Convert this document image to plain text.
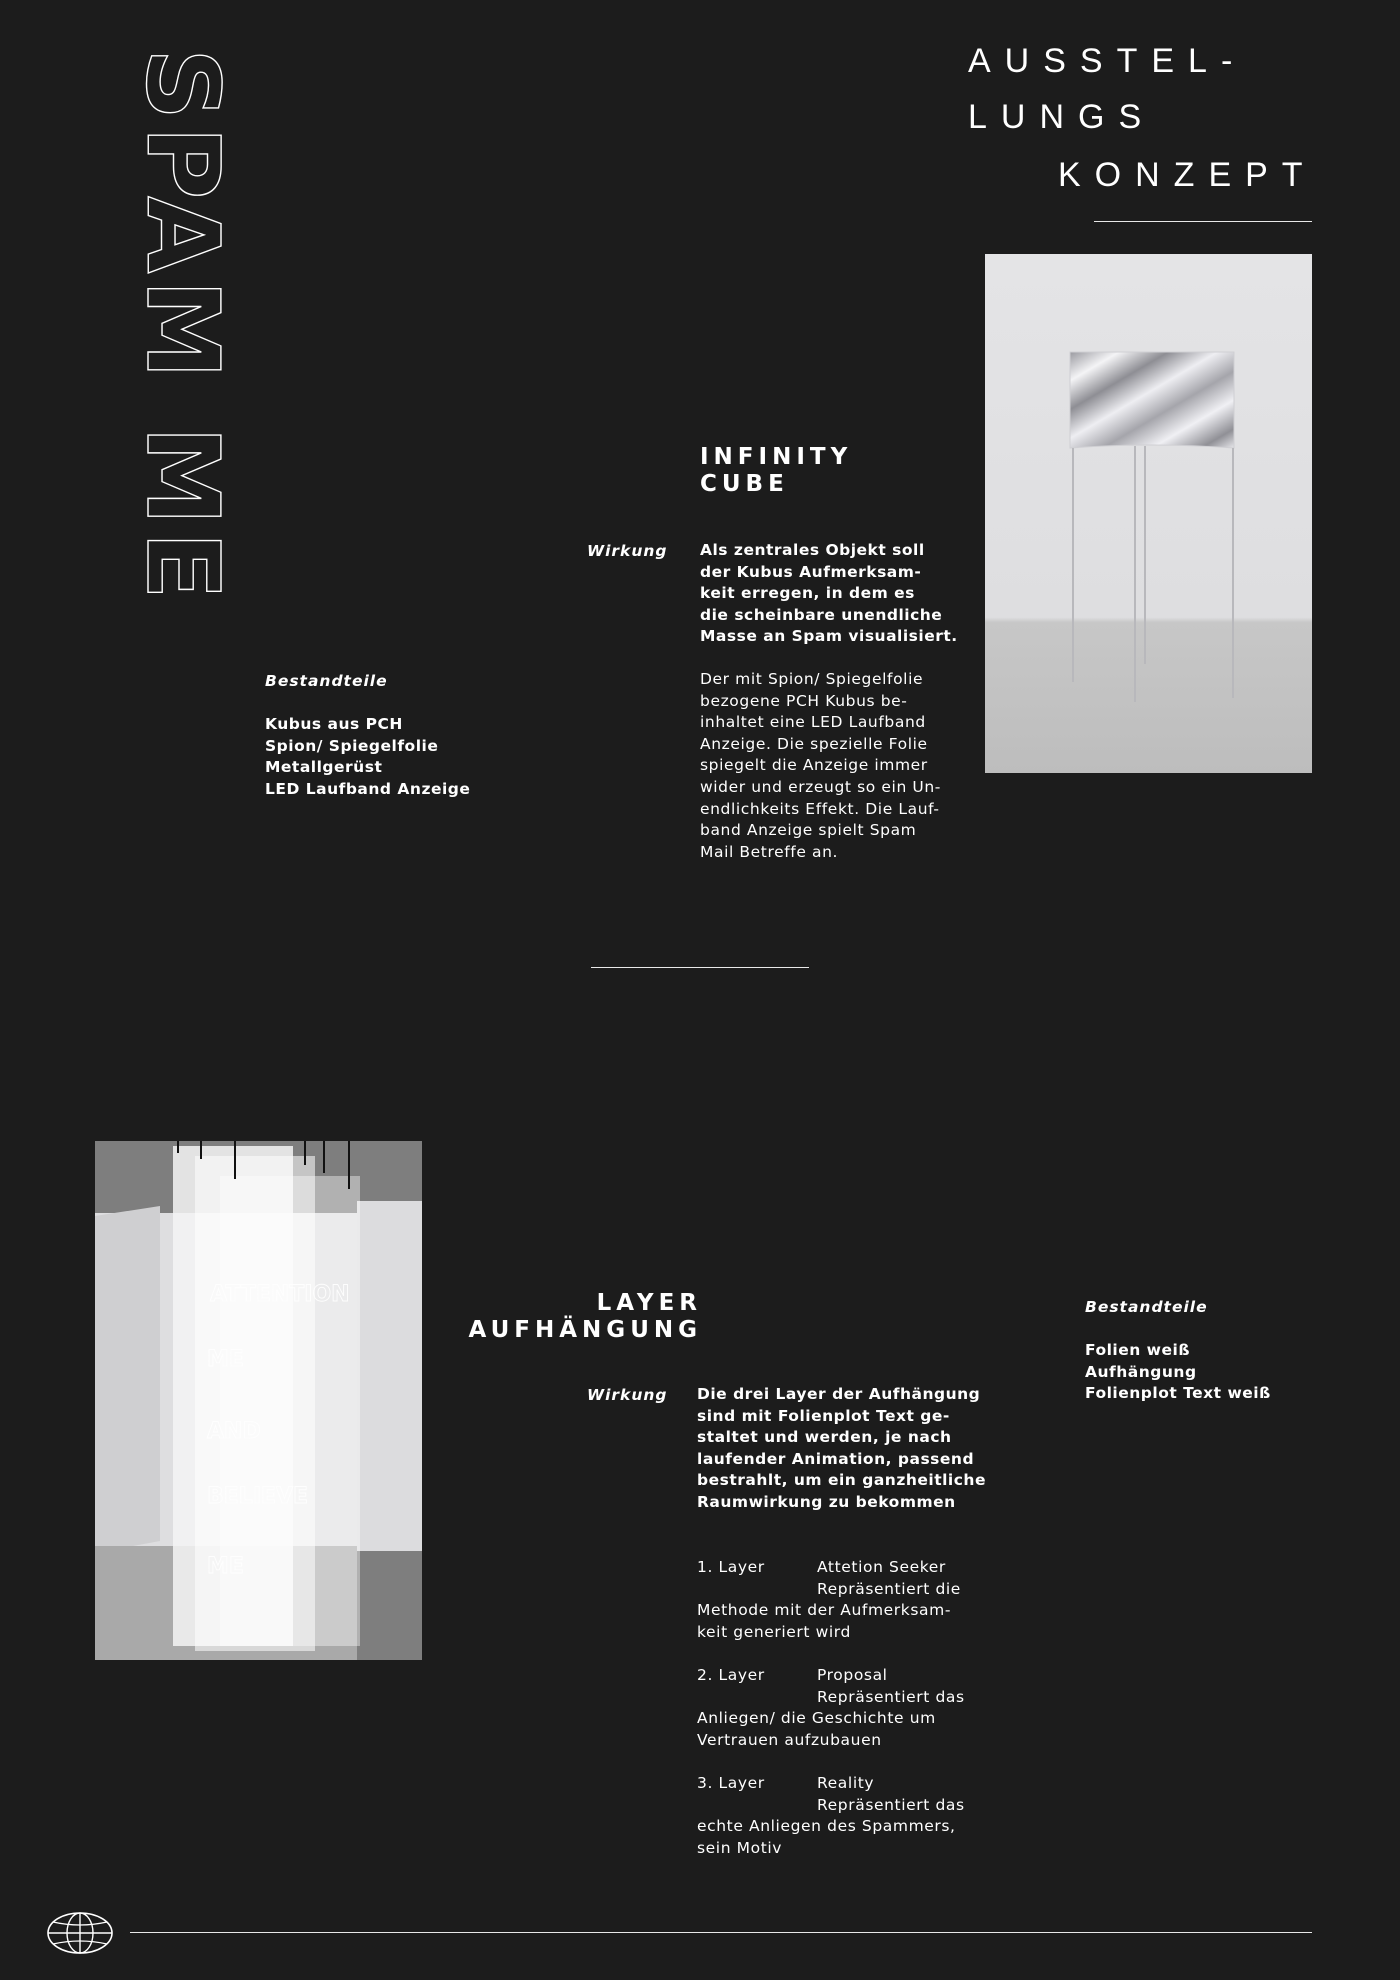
SPAM ME	AUSSTEL-
LUNGS
KONZEPT
INFINITY
CUBE
Wirkung Als zentrales Objekt soll
der Kubus Aufmerksam-
keit erregen, in dem es
die scheinbare unendliche
Masse an Spam visualisiert.

Der mit Spion/ Spiegelfolie
bezogene PCH Kubus be-
inhaltet eine LED Laufband
Anzeige. Die spezielle Folie
spiegelt die Anzeige immer
wider und erzeugt so ein Un-
endlichkeits Effekt. Die Lauf-
band Anzeige spielt Spam
Mail Betreffe an.

Bestandteile

Kubus aus PCH
Spion/ Spiegelfolie
Metallgerüst
LED Laufband Anzeige

ATTENTION
ME
AND
BELIEVE
ME
LAYER
AUFHÄNGUNG
Wirkung Die drei Layer der Aufhängung
sind mit Folienplot Text ge-
staltet und werden, je nach
laufender Animation, passend
bestrahlt, um ein ganzheitliche
Raumwirkung zu bekommen

1. Layer	Attetion Seeker
Repräsentiert die

Methode mit der Aufmerksam-
keit generiert wird

2. Layer	Proposal
Repräsentiert das

Anliegen/ die Geschichte um
Vertrauen aufzubauen

3. Layer	Reality
Repräsentiert das

echte Anliegen des Spammers,
sein Motiv

Bestandteile

Folien weiß
Aufhängung
Folienplot Text weiß
